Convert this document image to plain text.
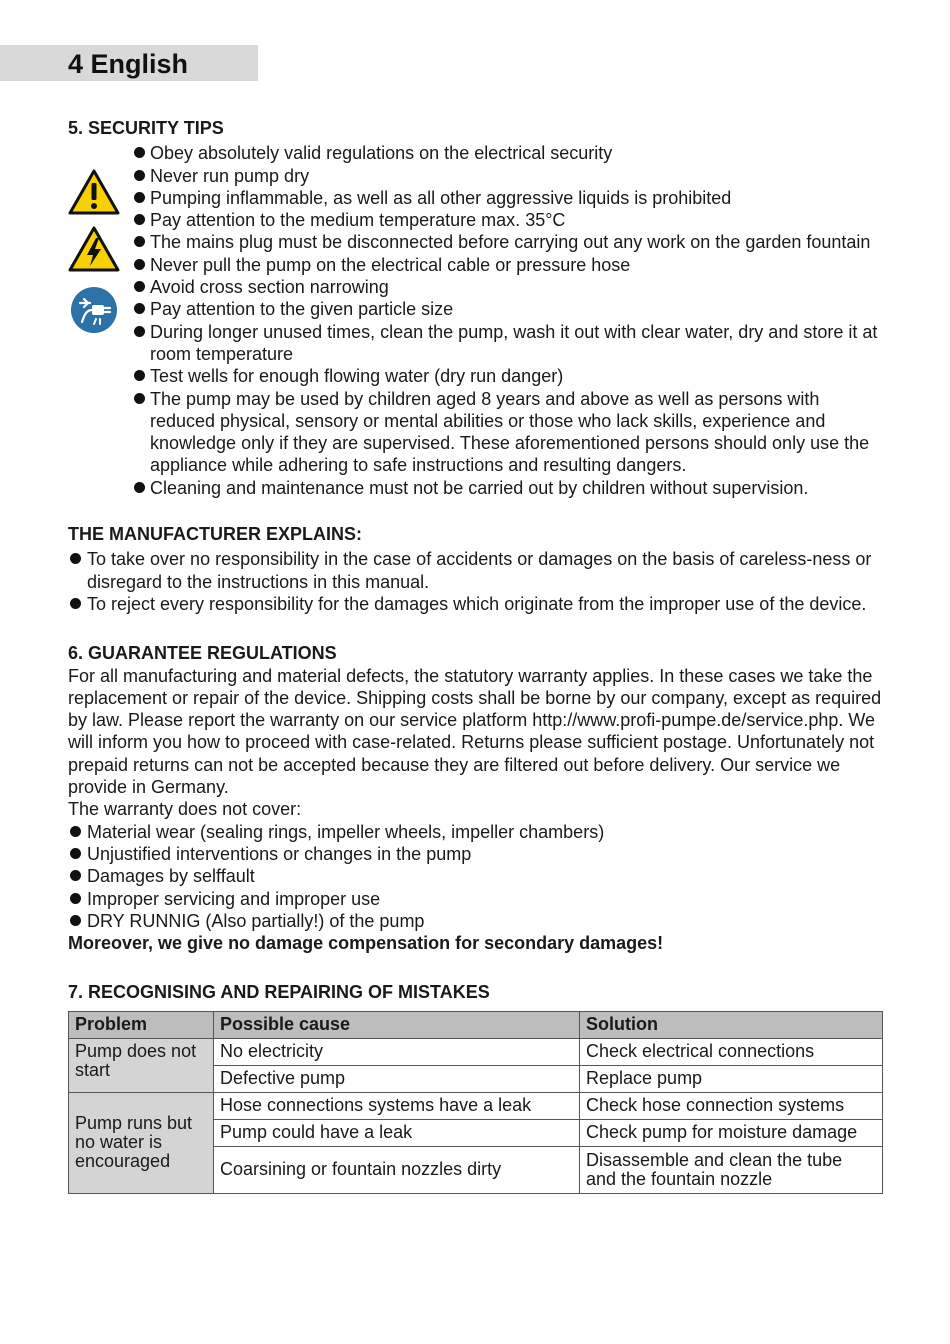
4 English
5. SECURITY TIPS
Obey absolutely valid regulations on the electrical security
Never run pump dry
Pumping inflammable, as well as all other aggressive liquids is prohibited
Pay attention to the medium temperature max. 35°C
The mains plug must be disconnected before carrying out any work on the garden fountain
Never pull the pump on the electrical cable or pressure hose
Avoid cross section narrowing
Pay attention to the given particle size
During longer unused times, clean the pump, wash it out with clear water, dry and store it at room temperature
Test wells for enough flowing water (dry run danger)
The pump may be used by children aged 8 years and above as well as persons with reduced physical, sensory or mental abilities or those who lack skills, experience and knowledge only if they are supervised. These aforementioned persons should only use the appliance while adhering to safe instructions and resulting dangers.
Cleaning and maintenance must not be carried out by children without supervision.
THE MANUFACTURER EXPLAINS:
To take over no responsibility in the case of accidents or damages on the basis of careless-ness or disregard to the instructions in this manual.
To reject every responsibility for the damages which originate from the improper use of the device.
6. GUARANTEE REGULATIONS

For all manufacturing and material defects, the statutory warranty applies. In these cases we take the replacement or repair of the device. Shipping costs shall be borne by our company, except as required by law. Please report the warranty on our service platform http://www.profi-pumpe.de/service.php. We will inform you how to proceed with case-related. Returns please sufficient postage. Unfortunately not prepaid returns can not be accepted because they are filtered out before delivery. Our service we provide in Germany.

The warranty does not cover:

Material wear (sealing rings, impeller wheels, impeller chambers)
Unjustified interventions or changes in the pump
Damages by selffault
Improper servicing and improper use
DRY RUNNIG (Also partially!) of the pump

Moreover, we give no damage compensation for secondary damages!

7. RECOGNISING AND REPAIRING OF MISTAKES
Problem	Possible cause	Solution
Pump does not start	No electricity	Check electrical connections
	Defective pump	Replace pump
Pump runs but no water is encouraged	Hose connections systems have a leak	Check hose connection systems
	Pump could have a leak	Check pump for moisture damage
	Coarsining or fountain nozzles dirty	Disassemble and clean the tube and the fountain nozzle
